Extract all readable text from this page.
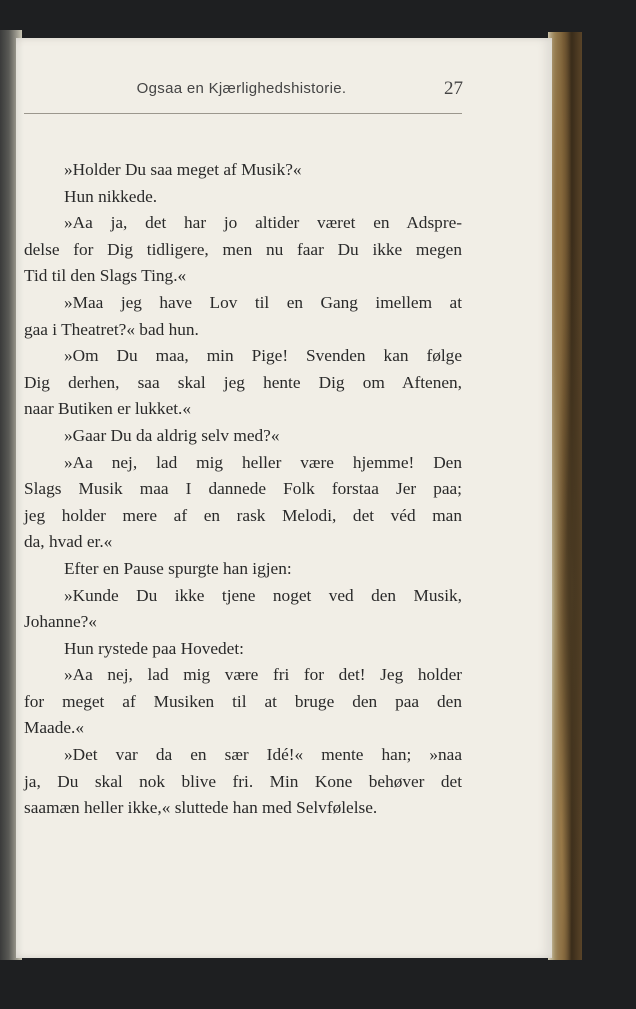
Ogsaa en Kjærlighedshistorie.	27
»Holder Du saa meget af Musik?«
Hun nikkede.
»Aa ja, det har jo altider været en Adspre-
delse for Dig tidligere, men nu faar Du ikke megen
Tid til den Slags Ting.«
»Maa jeg have Lov til en Gang imellem at
gaa i Theatret?« bad hun.
»Om Du maa, min Pige! Svenden kan følge
Dig derhen, saa skal jeg hente Dig om Aftenen,
naar Butiken er lukket.«
»Gaar Du da aldrig selv med?«
»Aa nej, lad mig heller være hjemme! Den
Slags Musik maa I dannede Folk forstaa Jer paa;
jeg holder mere af en rask Melodi, det véd man
da, hvad er.«
Efter en Pause spurgte han igjen:
»Kunde Du ikke tjene noget ved den Musik,
Johanne?«
Hun rystede paa Hovedet:
»Aa nej, lad mig være fri for det! Jeg holder
for meget af Musiken til at bruge den paa den
Maade.«
»Det var da en sær Idé!« mente han; »naa
ja, Du skal nok blive fri. Min Kone behøver det
saamæn heller ikke,« sluttede han med Selvfølelse.
